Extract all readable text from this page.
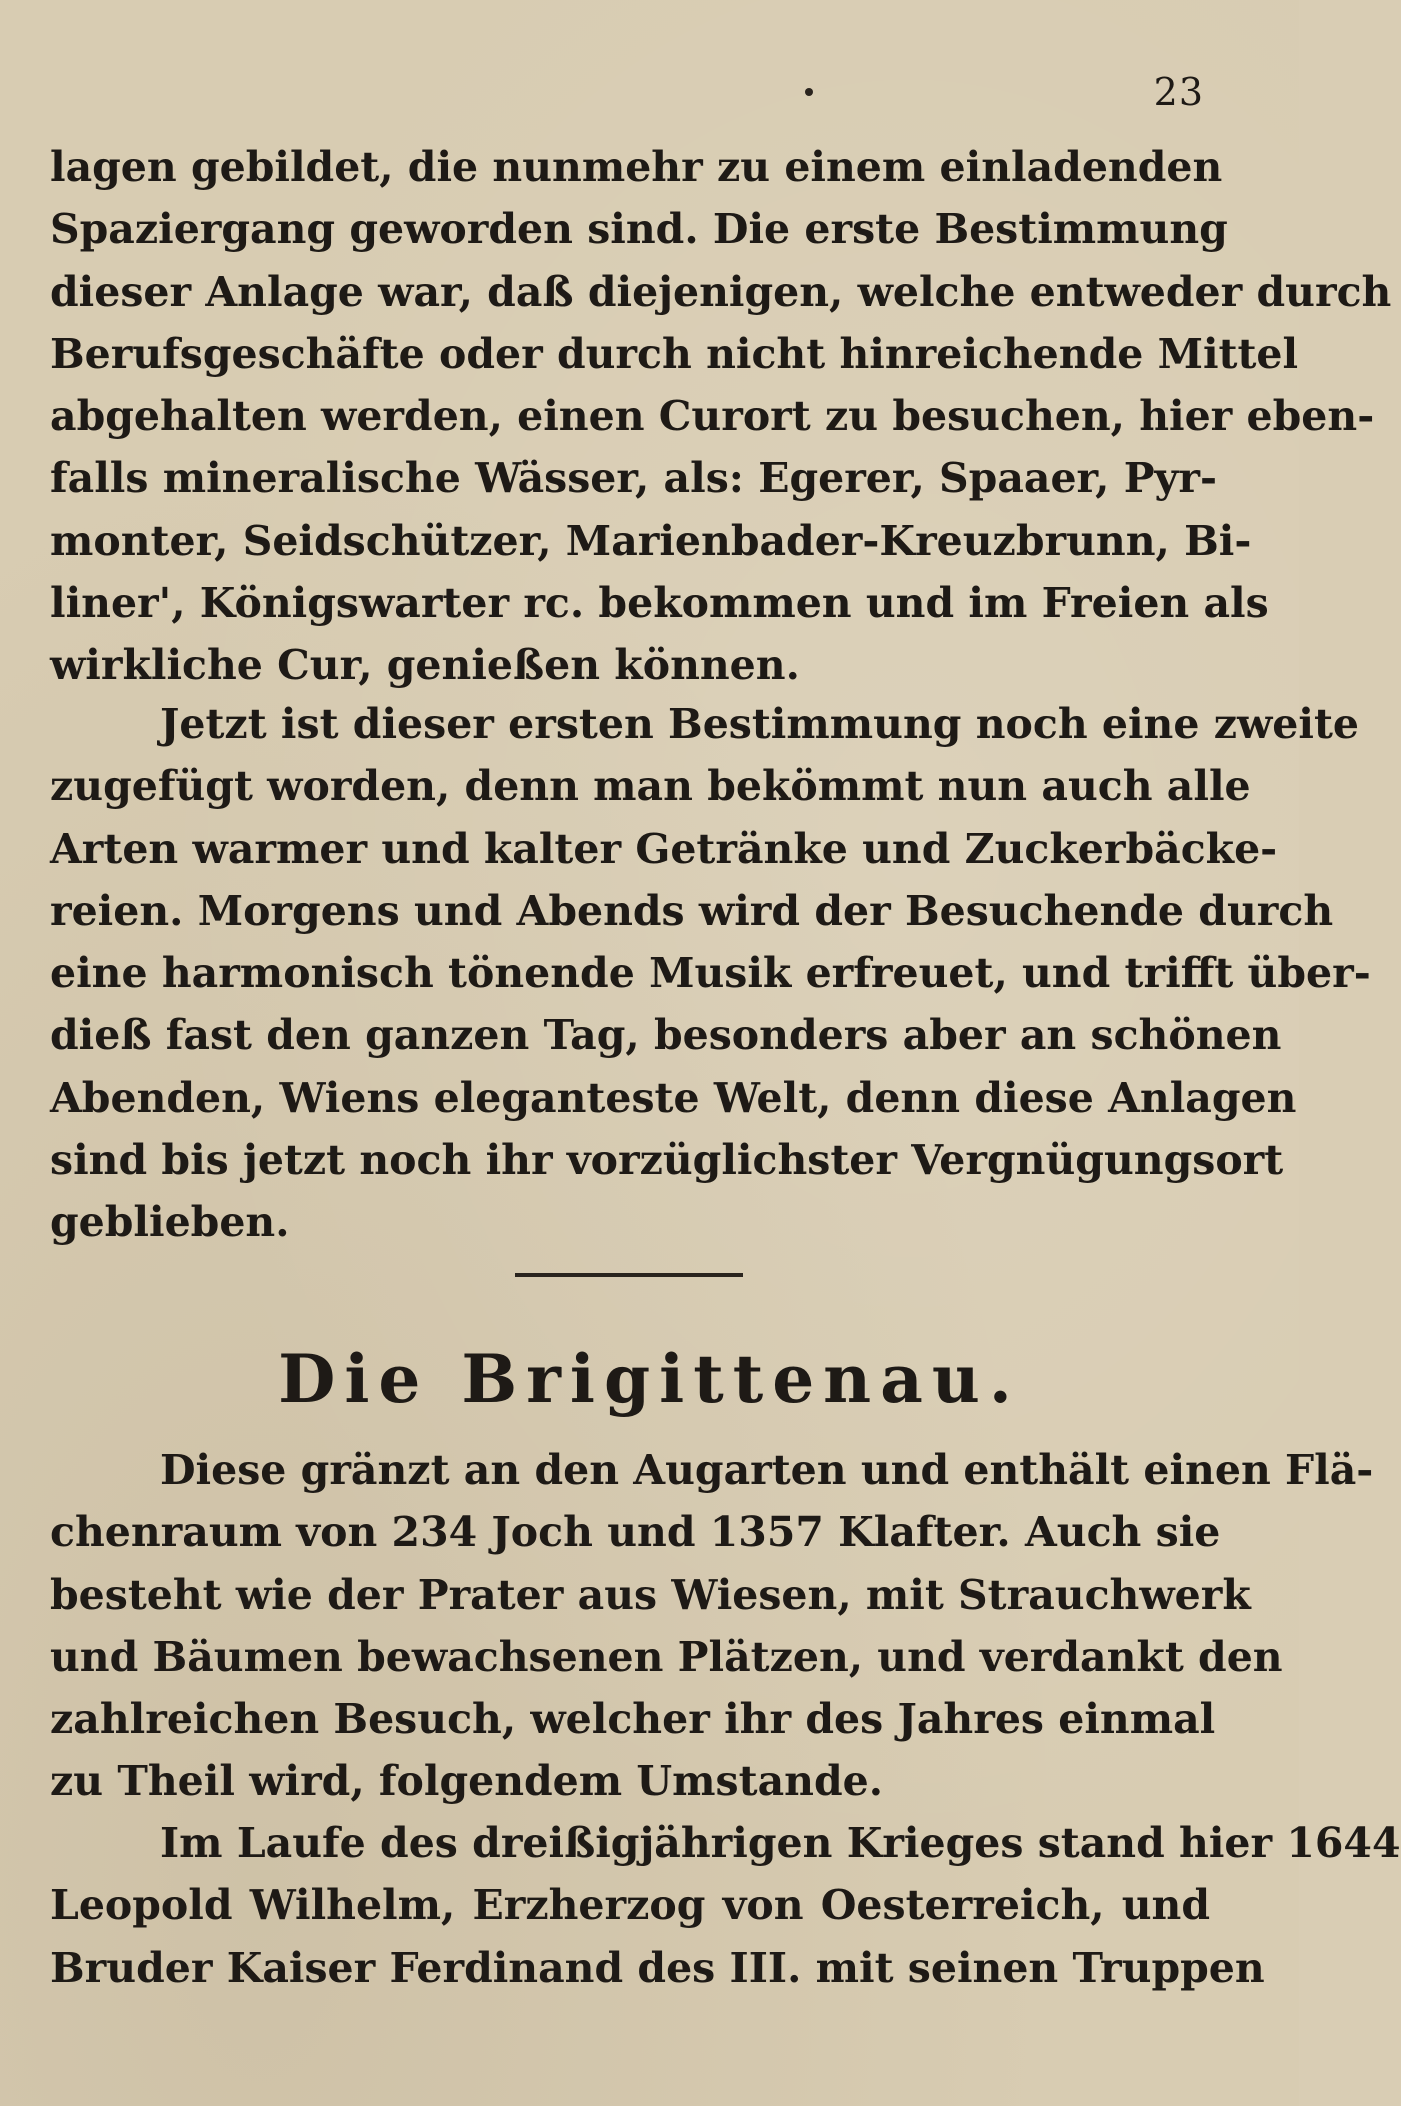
23
lagen gebildet, die nunmehr zu einem einladenden
Spaziergang geworden sind. Die erste Bestimmung
dieser Anlage war, daß diejenigen, welche entweder durch
Berufsgeschäfte oder durch nicht hinreichende Mittel
abgehalten werden, einen Curort zu besuchen, hier eben-
falls mineralische Wässer, als: Egerer, Spaaer, Pyr-
monter, Seidschützer, Marienbader-Kreuzbrunn, Bi-
liner', Königswarter rc. bekommen und im Freien als
wirkliche Cur, genießen können.
Jetzt ist dieser ersten Bestimmung noch eine zweite
zugefügt worden, denn man bekömmt nun auch alle
Arten warmer und kalter Getränke und Zuckerbäcke-
reien. Morgens und Abends wird der Besuchende durch
eine harmonisch tönende Musik erfreuet, und trifft über-
dieß fast den ganzen Tag, besonders aber an schönen
Abenden, Wiens eleganteste Welt, denn diese Anlagen
sind bis jetzt noch ihr vorzüglichster Vergnügungsort
geblieben.
Die Brigittenau.
Diese gränzt an den Augarten und enthält einen Flä-
chenraum von 234 Joch und 1357 Klafter. Auch sie
besteht wie der Prater aus Wiesen, mit Strauchwerk
und Bäumen bewachsenen Plätzen, und verdankt den
zahlreichen Besuch, welcher ihr des Jahres einmal
zu Theil wird, folgendem Umstande.
Im Laufe des dreißigjährigen Krieges stand hier 1644
Leopold Wilhelm, Erzherzog von Oesterreich, und
Bruder Kaiser Ferdinand des III. mit seinen Truppen
